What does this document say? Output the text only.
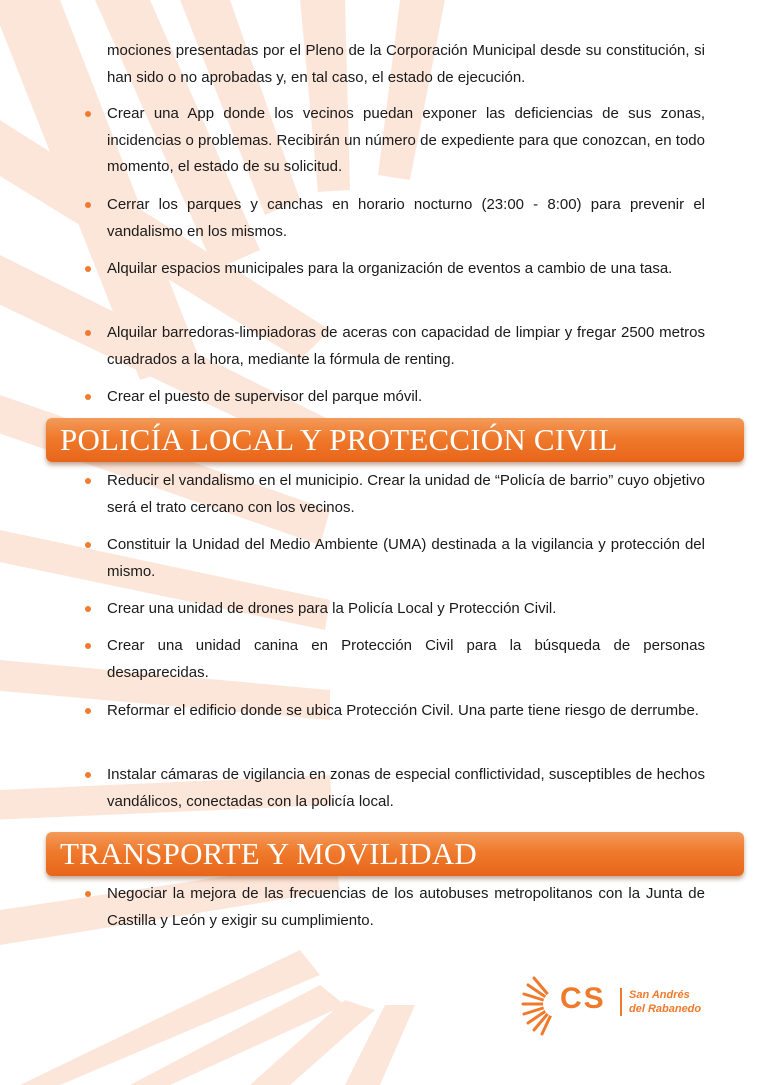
mociones presentadas por el Pleno de la Corporación Municipal desde su constitución, si han sido o no aprobadas y, en tal caso, el estado de ejecución.

Crear una App donde los vecinos puedan exponer las deficiencias de sus zonas, incidencias o problemas. Recibirán un número de expediente para que conozcan, en todo momento, el estado de su solicitud.
Cerrar los parques y canchas en horario nocturno (23:00 - 8:00) para prevenir el vandalismo en los mismos.
Alquilar espacios municipales para la organización de eventos a cambio de una tasa.
Alquilar barredoras-limpiadoras de aceras con capacidad de limpiar y fregar 2500 metros cuadrados a la hora, mediante la fórmula de renting.
Crear el puesto de supervisor del parque móvil.
POLICÍA LOCAL Y PROTECCIÓN CIVIL
Reducir el vandalismo en el municipio. Crear la unidad de “Policía de barrio” cuyo objetivo será el trato cercano con los vecinos.
Constituir la Unidad del Medio Ambiente (UMA) destinada a la vigilancia y protección del mismo.
Crear una unidad de drones para la Policía Local y Protección Civil.
Crear una unidad canina en Protección Civil para la búsqueda de personas desaparecidas.
Reformar el edificio donde se ubica Protección Civil. Una parte tiene riesgo de derrumbe.
Instalar cámaras de vigilancia en zonas de especial conflictividad, susceptibles de hechos vandálicos, conectadas con la policía local.
TRANSPORTE Y MOVILIDAD
Negociar la mejora de las frecuencias de los autobuses metropolitanos con la Junta de Castilla y León y exigir su cumplimiento.
CS San Andrés
del Rabanedo
